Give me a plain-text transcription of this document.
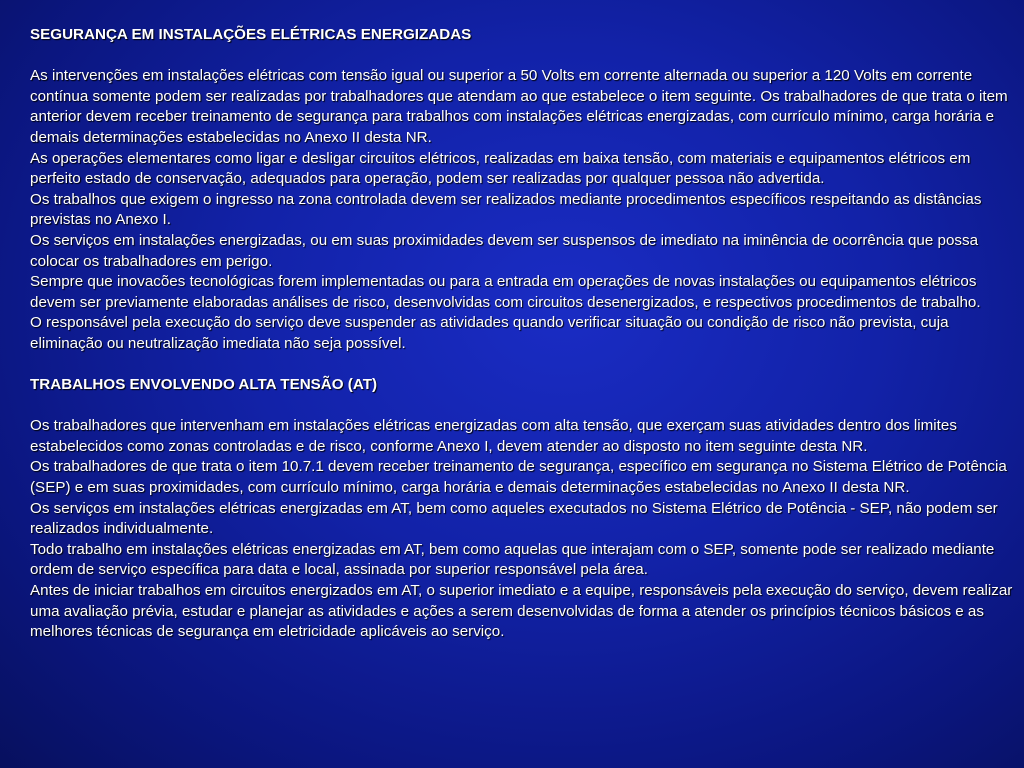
SEGURANÇA EM INSTALAÇÕES ELÉTRICAS ENERGIZADAS

As intervenções em instalações elétricas com tensão igual ou superior a 50 Volts em corrente alternada ou superior a 120 Volts em corrente contínua somente podem ser realizadas por trabalhadores que atendam ao que estabelece o item seguinte. Os trabalhadores de que trata o item anterior devem receber treinamento de segurança para trabalhos com instalações elétricas energizadas, com currículo mínimo, carga horária e demais determinações estabelecidas no Anexo II desta NR.

As operações elementares como ligar e desligar circuitos elétricos, realizadas em baixa tensão, com materiais e equipamentos elétricos em perfeito estado de conservação, adequados para operação, podem ser realizadas por qualquer pessoa não advertida.

Os trabalhos que exigem o ingresso na zona controlada devem ser realizados mediante procedimentos específicos respeitando as distâncias previstas no Anexo I.

Os serviços em instalações energizadas, ou em suas proximidades devem ser suspensos de imediato na iminência de ocorrência que possa colocar os trabalhadores em perigo.

Sempre que inovacões tecnológicas forem implementadas ou para a entrada em operações de novas instalações ou equipamentos elétricos devem ser previamente elaboradas análises de risco, desenvolvidas com circuitos desenergizados, e respectivos procedimentos de trabalho.

O responsável pela execução do serviço deve suspender as atividades quando verificar situação ou condição de risco não prevista, cuja eliminação ou neutralização imediata não seja possível.

TRABALHOS ENVOLVENDO ALTA TENSÃO (AT)

Os trabalhadores que intervenham em instalações elétricas energizadas com alta tensão, que exerçam suas atividades dentro dos limites estabelecidos como zonas controladas e de risco, conforme Anexo I, devem atender ao disposto no item seguinte desta NR.

Os trabalhadores de que trata o item 10.7.1 devem receber treinamento de segurança, específico em segurança no Sistema Elétrico de Potência (SEP) e em suas proximidades, com currículo mínimo, carga horária e demais determinações estabelecidas no Anexo II desta NR.

Os serviços em instalações elétricas energizadas em AT, bem como aqueles executados no Sistema Elétrico de Potência - SEP, não podem ser realizados individualmente.

Todo trabalho em instalações elétricas energizadas em AT, bem como aquelas que interajam com o SEP, somente pode ser realizado mediante ordem de serviço específica para data e local, assinada por superior responsável pela área.

Antes de iniciar trabalhos em circuitos energizados em AT, o superior imediato e a equipe, responsáveis pela execução do serviço, devem realizar uma avaliação prévia, estudar e planejar as atividades e ações a serem desenvolvidas de forma a atender os princípios técnicos básicos e as melhores técnicas de segurança em eletricidade aplicáveis ao serviço.
